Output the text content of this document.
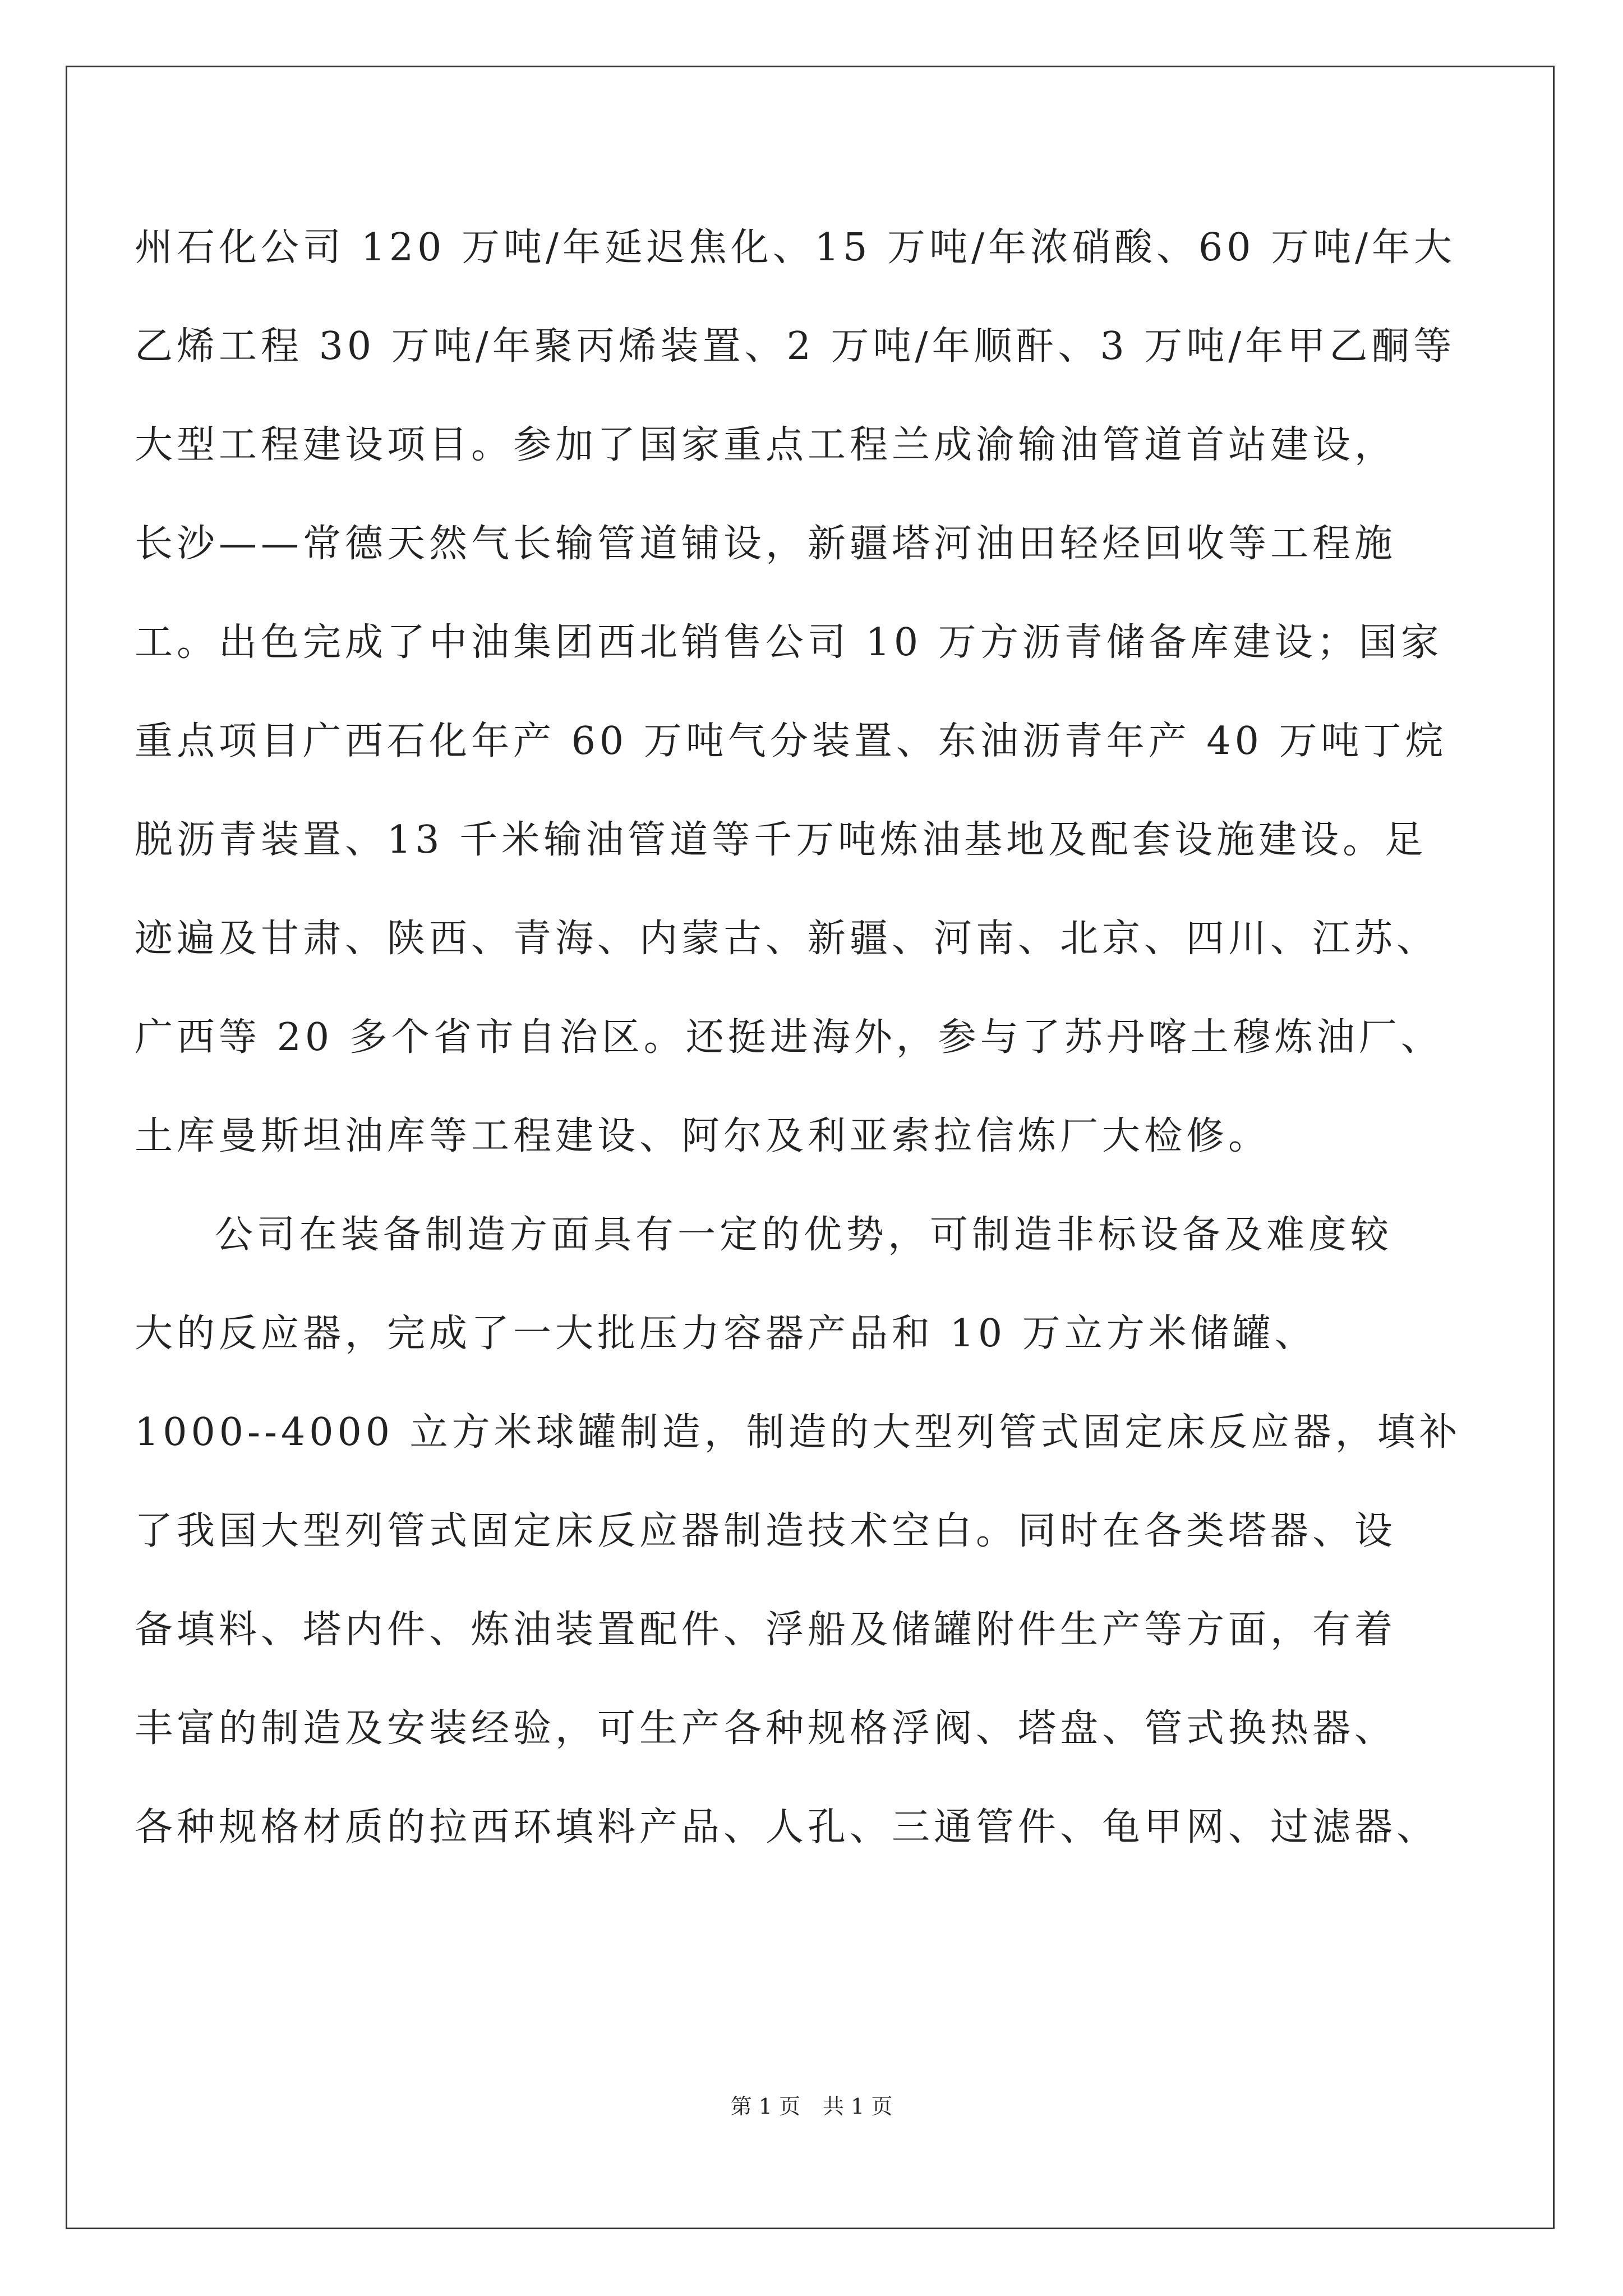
州石化公司 120 万吨/年延迟焦化、15 万吨/年浓硝酸、60 万吨/年大
乙烯工程 30 万吨/年聚丙烯装置、2 万吨/年顺酐、3 万吨/年甲乙酮等
大型工程建设项目。参加了国家重点工程兰成渝输油管道首站建设，
长沙——常德天然气长输管道铺设，新疆塔河油田轻烃回收等工程施
工。出色完成了中油集团西北销售公司 10 万方沥青储备库建设；国家
重点项目广西石化年产 60 万吨气分装置、东油沥青年产 40 万吨丁烷
脱沥青装置、13 千米输油管道等千万吨炼油基地及配套设施建设。足
迹遍及甘肃、陕西、青海、内蒙古、新疆、河南、北京、四川、江苏、
广西等 20 多个省市自治区。还挺进海外，参与了苏丹喀土穆炼油厂、
土库曼斯坦油库等工程建设、阿尔及利亚索拉信炼厂大检修。
公司在装备制造方面具有一定的优势，可制造非标设备及难度较
大的反应器，完成了一大批压力容器产品和 10 万立方米储罐、
1000--4000 立方米球罐制造，制造的大型列管式固定床反应器，填补
了我国大型列管式固定床反应器制造技术空白。同时在各类塔器、设
备填料、塔内件、炼油装置配件、浮船及储罐附件生产等方面，有着
丰富的制造及安装经验，可生产各种规格浮阀、塔盘、管式换热器、
各种规格材质的拉西环填料产品、人孔、三通管件、龟甲网、过滤器、
第 1 页 共 1 页
